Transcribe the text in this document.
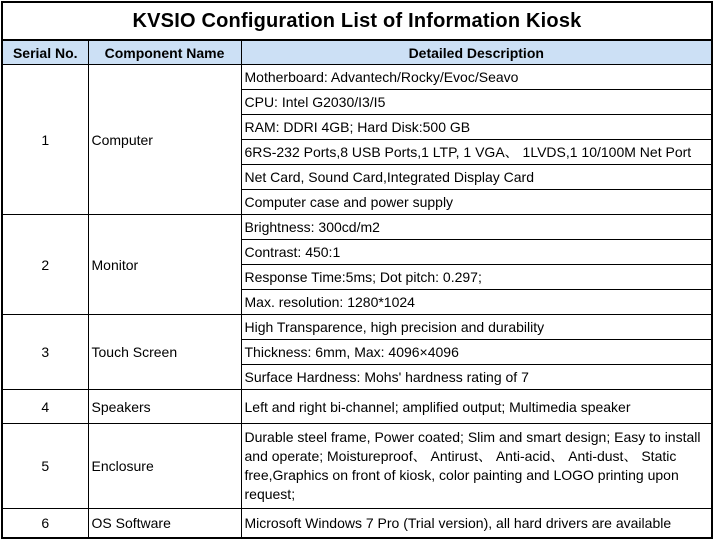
KVSIO Configuration List of Information Kiosk		
Serial No.	Component Name	Detailed Description
1	Computer	Motherboard: Advantech/Rocky/Evoc/Seavo
		CPU: Intel G2030/I3/I5
		RAM: DDRI 4GB; Hard Disk:500 GB
		6RS-232 Ports,8 USB Ports,1 LTP, 1 VGA、 1LVDS,1 10/100M Net Port
		Net Card, Sound Card,Integrated Display Card
		Computer case and power supply
2	Monitor	Brightness: 300cd/m2
		Contrast: 450:1
		Response Time:5ms; Dot pitch: 0.297;
		Max. resolution: 1280*1024
3	Touch Screen	High Transparence, high precision and durability
		Thickness: 6mm, Max: 4096×4096
		Surface Hardness: Mohs' hardness rating of 7
4	Speakers	Left and right bi-channel; amplified output; Multimedia speaker
5	Enclosure	Durable steel frame, Power coated; Slim and smart design; Easy to install and operate; Moistureproof、 Antirust、 Anti-acid、 Anti-dust、 Static free,Graphics on front of kiosk, color painting and LOGO printing upon request;
6	OS Software	Microsoft Windows 7 Pro (Trial version), all hard drivers are available
